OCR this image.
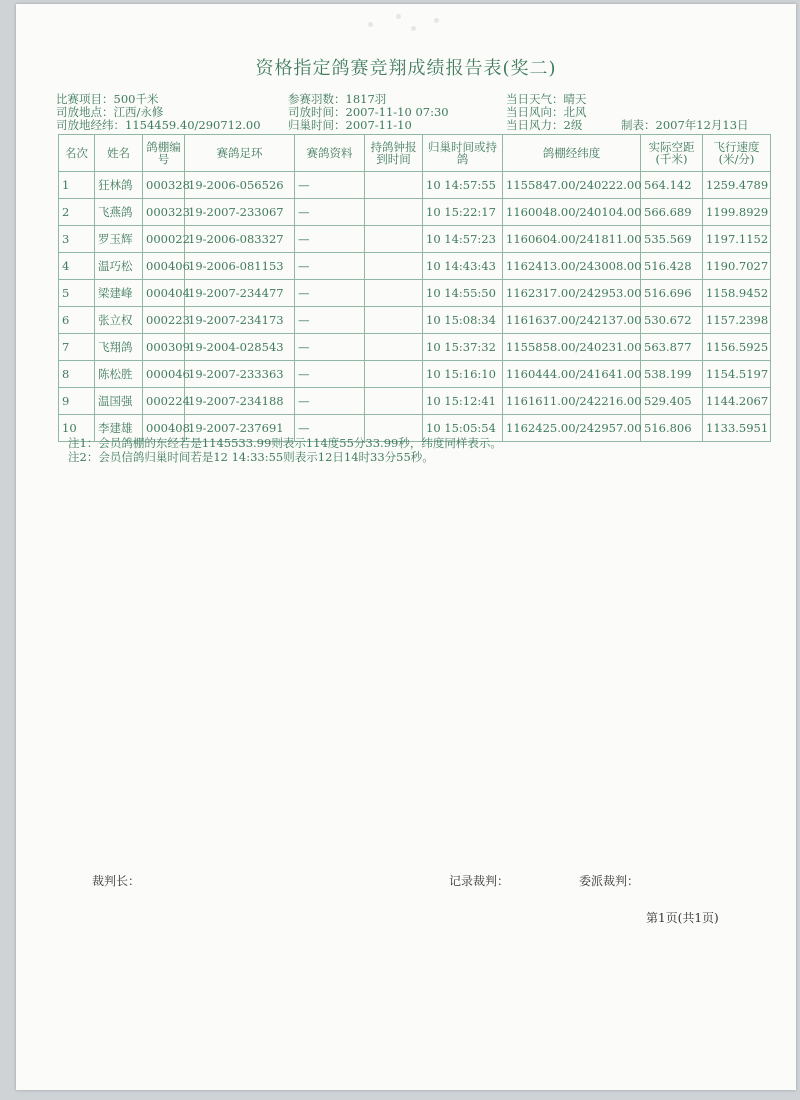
资格指定鸽赛竞翔成绩报告表(奖二)
比赛项目：500千米
司放地点：江西/永修
司放地经纬：1154459.40/290712.00
参赛羽数：1817羽
司放时间：2007-11-10 07:30
归巢时间：2007-11-10
当日天气：晴天
当日风向：北风
当日风力：2级	制表：2007年12月13日
名次	姓名	鸽棚编号	赛鸽足环	赛鸽资料	持鸽钟报到时间	归巢时间或持鸽	鸽棚经纬度	实际空距(千米)	飞行速度(米/分)
1	狂林鸽	000328	19-2006-056526	—		10 14:57:55	1155847.00/240222.00	564.142	1259.4789
2	飞燕鸽	000323	19-2007-233067	—		10 15:22:17	1160048.00/240104.00	566.689	1199.8929
3	罗玉辉	000022	19-2006-083327	—		10 14:57:23	1160604.00/241811.00	535.569	1197.1152
4	温巧松	000406	19-2006-081153	—		10 14:43:43	1162413.00/243008.00	516.428	1190.7027
5	梁建峰	000404	19-2007-234477	—		10 14:55:50	1162317.00/242953.00	516.696	1158.9452
6	张立权	000223	19-2007-234173	—		10 15:08:34	1161637.00/242137.00	530.672	1157.2398
7	飞翔鸽	000309	19-2004-028543	—		10 15:37:32	1155858.00/240231.00	563.877	1156.5925
8	陈松胜	000046	19-2007-233363	—		10 15:16:10	1160444.00/241641.00	538.199	1154.5197
9	温国强	000224	19-2007-234188	—		10 15:12:41	1161611.00/242216.00	529.405	1144.2067
10	李建雄	000408	19-2007-237691	—		10 15:05:54	1162425.00/242957.00	516.806	1133.5951
注1：会员鸽棚的东经若是1145533.99则表示114度55分33.99秒，纬度同样表示。
注2：会员信鸽归巢时间若是12 14:33:55则表示12日14时33分55秒。
裁判长：	记录裁判：	委派裁判：
第1页(共1页)
